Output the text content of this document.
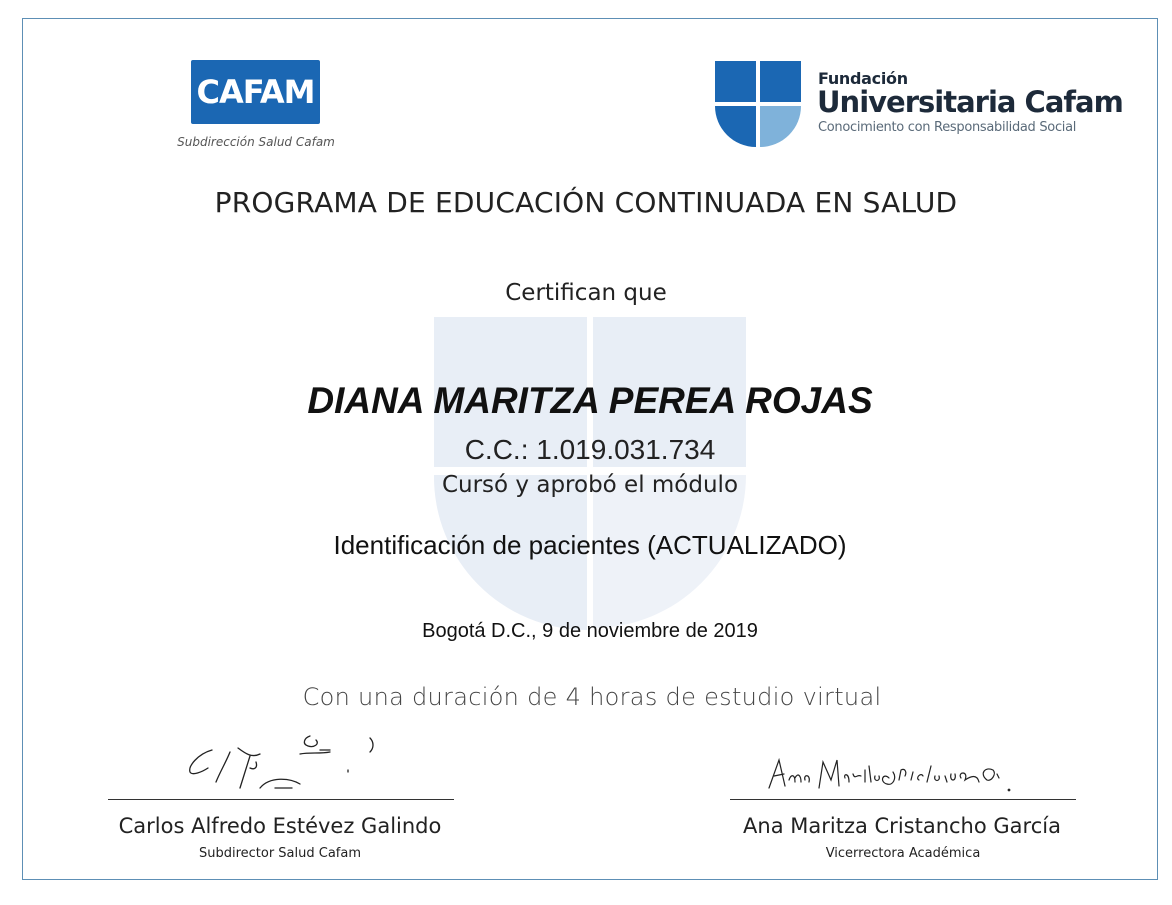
CAFAM
Subdirección Salud Cafam
Fundación
Universitaria Cafam
Conocimiento con Responsabilidad Social
PROGRAMA DE EDUCACIÓN CONTINUADA EN SALUD
Certifican que
DIANA MARITZA PEREA ROJAS
C.C.: 1.019.031.734
Cursó y aprobó el módulo
Identificación de pacientes (ACTUALIZADO)
Bogotá D.C., 9 de noviembre de 2019
Con una duración de 4 horas de estudio virtual
Carlos Alfredo Estévez Galindo
Subdirector Salud Cafam
Ana Maritza Cristancho García
Vicerrectora Académica
